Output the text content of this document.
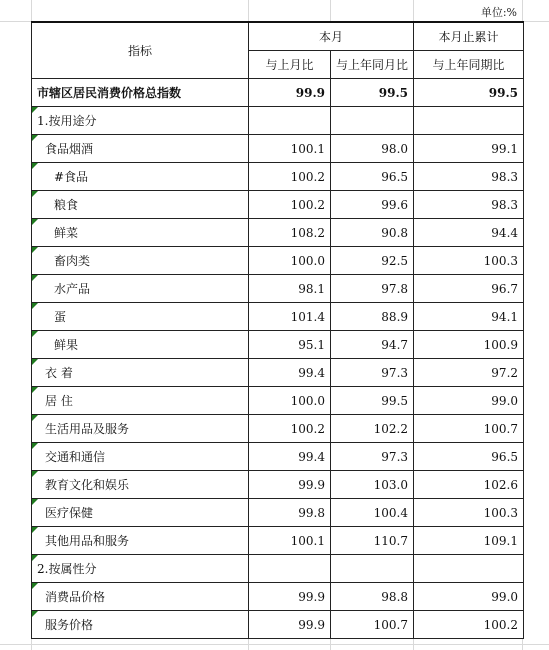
单位:%
指标	本月		本月止累计
	与上月比	与上年同月比	与上年同期比
市辖区居民消费价格总指数	99.9	99.5	99.5
1.按用途分			
食品烟酒	100.1	98.0	99.1
#食品	100.2	96.5	98.3
粮食	100.2	99.6	98.3
鲜菜	108.2	90.8	94.4
畜肉类	100.0	92.5	100.3
水产品	98.1	97.8	96.7
蛋	101.4	88.9	94.1
鲜果	95.1	94.7	100.9
衣 着	99.4	97.3	97.2
居 住	100.0	99.5	99.0
生活用品及服务	100.2	102.2	100.7
交通和通信	99.4	97.3	96.5
教育文化和娱乐	99.9	103.0	102.6
医疗保健	99.8	100.4	100.3
其他用品和服务	100.1	110.7	109.1
2.按属性分			
消费品价格	99.9	98.8	99.0
服务价格	99.9	100.7	100.2
